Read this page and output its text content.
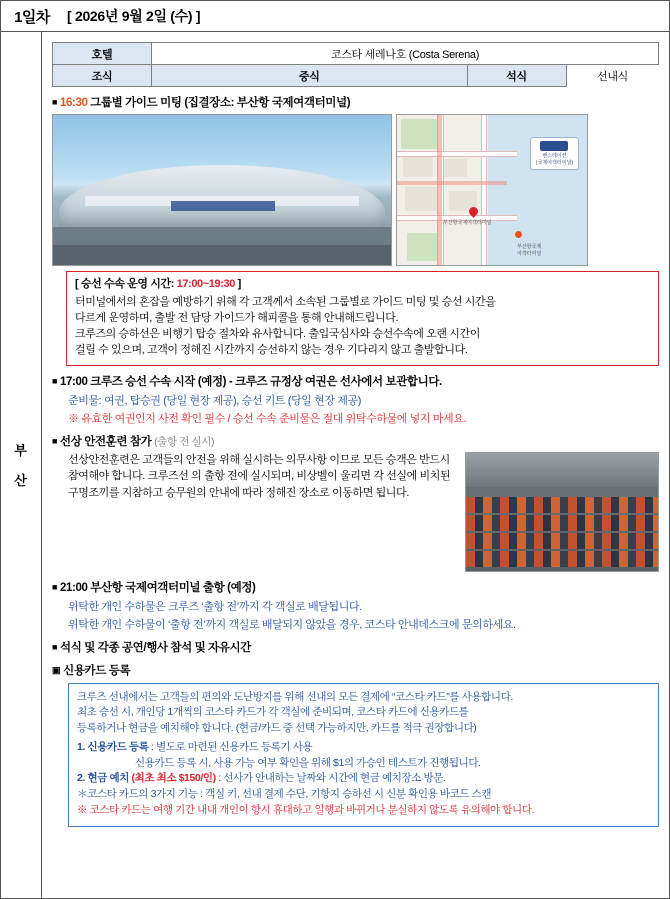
1일차	[ 2026년 9월 2일 (수) ]
부
산
호텔	코스타 세레나호 (Costa Serena)		
조식	중식	석식	선내식
■ 16:30 그룹별 가이드 미팅 (집결장소: 부산항 국제여객터미널)
벤스테이션
(국제여객터미널)
부산항국제여객터미널
부산항국제
여객터미널
[ 승선 수속 운영 시간: 17:00~19:30 ]
터미널에서의 혼잡을 예방하기 위해 각 고객께서 소속된 그룹별로 가이드 미팅 및 승선 시간을
다르게 운영하며, 출발 전 담당 가이드가 해피콜을 통해 안내해드립니다.
크루즈의 승하선은 비행기 탑승 절차와 유사합니다. 출입국심사와 승선수속에 오랜 시간이
걸릴 수 있으며, 고객이 정해진 시간까지 승선하지 않는 경우 기다리지 않고 출발합니다.
■ 17:00 크루즈 승선 수속 시작 (예정) - 크루즈 규정상 여권은 선사에서 보관합니다.
준비물: 여권, 탑승권 (당일 현장 제공), 승선 키트 (당일 현장 제공)
※ 유효한 여권인지 사전 확인 필수 / 승선 수속 준비물은 절대 위탁수하물에 넣지 마세요.
■ 선상 안전훈련 참가 (출항 전 실시)
선상안전훈련은 고객들의 안전을 위해 실시하는 의무사항 이므로 모든 승객은 반드시 참여해야 합니다. 크루즈선 의 출항 전에 실시되며, 비상벨이 울리면 각 선실에 비치된 구명조끼를 지참하고 승무원의 안내에 따라 정해진 장소로 이동하면 됩니다.
■ 21:00 부산항 국제여객터미널 출항 (예정)
위탁한 개인 수하물은 크루즈 ‘출항 전’까지 각 객실로 배달됩니다.
위탁한 개인 수하물이 ‘출항 전’까지 객실로 배달되지 않았을 경우, 코스타 안내데스크에 문의하세요.
■ 석식 및 각종 공연/행사 참석 및 자유시간
▣ 신용카드 등록
크루즈 선내에서는 고객들의 편의와 도난방지를 위해 선내의 모든 결제에 “코스타 카드”를 사용합니다.
최초 승선 시, 개인당 1개씩의 코스타 카드가 각 객실에 준비되며, 코스타 카드에 신용카드를
등록하거나 현금을 예치해야 합니다. (현금/카드 중 선택 가능하지만, 카드를 적극 권장합니다)
1. 신용카드 등록 : 별도로 마련된 신용카드 등록기 사용
신용카드 등록 시, 사용 가능 여부 확인을 위해 $1의 가승인 테스트가 진행됩니다.
2. 현금 예치 (최초 최소 $150/인) : 선사가 안내하는 날짜와 시간에 현금 예치장소 방문.
＊코스타 카드의 3가지 기능 : 객실 키, 선내 결제 수단, 기항지 승하선 시 신분 확인용 바코드 스캔
※ 코스타 카드는 여행 기간 내내 개인이 항시 휴대하고 일행과 바뀌거나 분실하지 않도록 유의해야 합니다.
